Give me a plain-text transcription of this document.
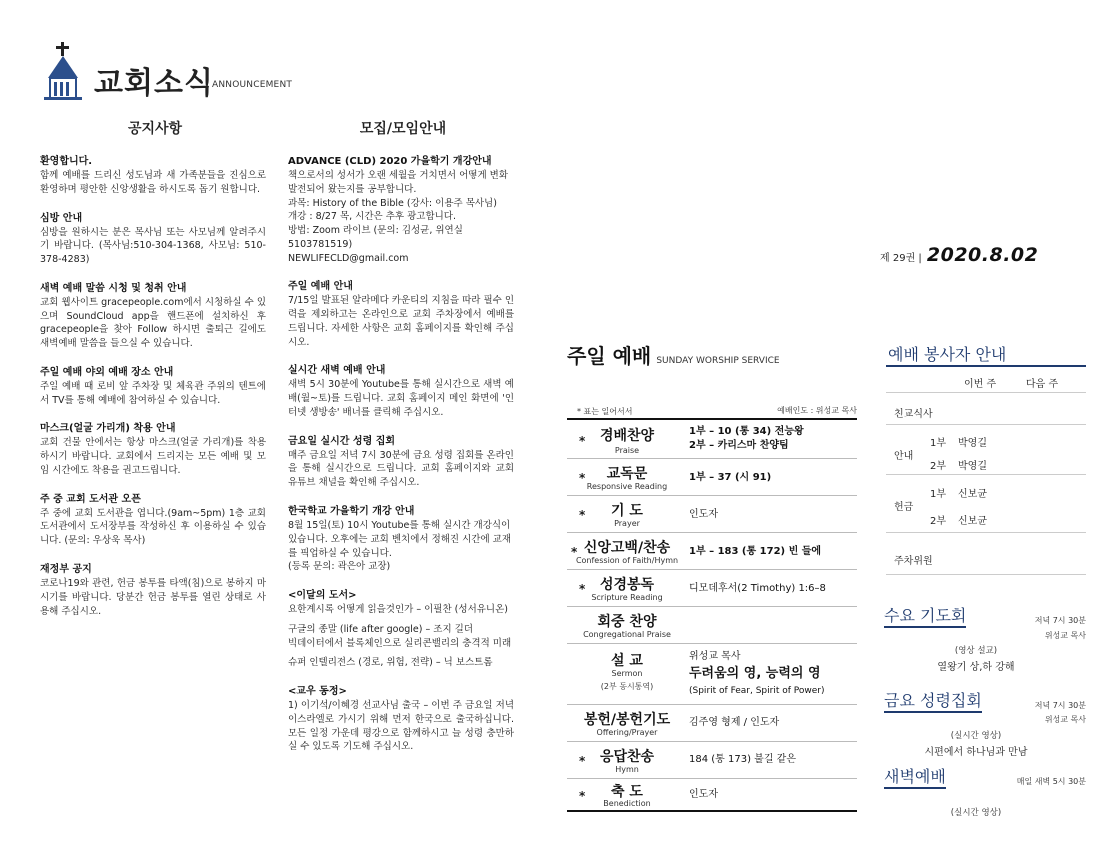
교회소식
ANNOUNCEMENT
공지사항

환영합니다.

함께 예배를 드리신 성도님과 새 가족분들을 진심으로 환영하며 평안한 신앙생활을 하시도록 돕기 원합니다.

심방 안내

심방을 원하시는 분은 목사님 또는 사모님께 알려주시기 바랍니다. (목사님:510-304-1368, 사모님: 510-378-4283)

새벽 예배 말씀 시청 및 청취 안내

교회 웹사이트 gracepeople.com에서 시청하실 수 있으며 SoundCloud app을 핸드폰에 설치하신 후 gracepeople을 찾아 Follow 하시면 출퇴근 길에도 새벽예배 말씀을 들으실 수 있습니다.

주일 예배 야외 예배 장소 안내

주일 예배 때 로비 앞 주차장 및 체육관 주위의 텐트에서 TV를 통해 예배에 참여하실 수 있습니다.

마스크(얼굴 가리개) 착용 안내

교회 건물 안에서는 항상 마스크(얼굴 가리개)를 착용하시기 바랍니다. 교회에서 드리지는 모든 예배 및 모임 시간에도 착용을 권고드립니다.

주 중 교회 도서관 오픈

주 중에 교회 도서관을 엽니다.(9am~5pm) 1층 교회 도서관에서 도서장부를 작성하신 후 이용하실 수 있습니다. (문의: 우상욱 목사)

재정부 공지

코로나19와 관련, 헌금 봉투를 타액(침)으로 봉하지 마시기를 바랍니다. 당분간 헌금 봉투를 열린 상태로 사용해 주십시오.

모집/모임안내

ADVANCE (CLD) 2020 가을학기 개강안내

책으로서의 성서가 오랜 세월을 거치면서 어떻게 변화 발전되어 왔는지를 공부합니다.
과목: History of the Bible (강사: 이용주 목사님)
개강 : 8/27 목, 시간은 추후 광고합니다.
방법: Zoom 라이브 (문의: 김성균, 위연실5103781519)
NEWLIFECLD@gmail.com

주일 예배 안내

7/15일 발표된 알라메다 카운티의 지침을 따라 필수 인력을 제외하고는 온라인으로 교회 주차장에서 예배를 드립니다. 자세한 사항은 교회 홈페이지를 확인해 주십시오.

실시간 새벽 예배 안내

새벽 5시 30분에 Youtube를 통해 실시간으로 새벽 예배(월~토)를 드립니다. 교회 홈페이지 메인 화면에 '인터넷 생방송' 배너를 클릭해 주십시오.

금요일 실시간 성령 집회

매주 금요일 저녁 7시 30분에 금요 성령 집회를 온라인을 통해 실시간으로 드립니다. 교회 홈페이지와 교회 유튜브 채널을 확인해 주십시오.

한국학교 가을학기 개강 안내

8월 15일(토) 10시 Youtube를 통해 실시간 개강식이 있습니다. 오후에는 교회 벤치에서 정해진 시간에 교재를 픽업하실 수 있습니다.
(등록 문의: 곽은아 교장)

<이달의 도서>

요한계시록 어떻게 읽을것인가 – 이필찬 (성서유니온)

구글의 종말 (life after google) – 조지 길더
빅데이터에서 블록체인으로 실리콘밸리의 충격적 미래

슈퍼 인텔리전스 (경로, 위험, 전략) – 닉 보스트롬

<교우 동정>

1) 이기석/이혜경 선교사님 출국 – 이번 주 금요일 저녁 이스라엘로 가시기 위해 먼저 한국으로 출국하십니다. 모든 일정 가운데 평강으로 함께하시고 늘 성령 충만하실 수 있도록 기도해 주십시오.

제 29권 | 2020.8.02
주일 예배 SUNDAY WORSHIP SERVICE
* 표는 일어서서	예배인도 : 위성교 목사
*	경배찬양
Praise
1부 – 10 (통 34) 전능왕
2부 – 카리스마 찬양팀
*	교독문
Responsive Reading
1부 – 37 (시 91)
*	기 도
Prayer
인도자
* 신앙고백/찬송
Confession of Faith/Hymn
1부 – 183 (통 172) 빈 들에
*	성경봉독
Scripture Reading
디모데후서(2 Timothy) 1:6–8
회중 찬양
Congregational Praise
설 교
Sermon
(2부 동시통역)
위성교 목사
두려움의 영, 능력의 영
(Spirit of Fear, Spirit of Power)
봉헌/봉헌기도
Offering/Prayer
김주영 형제 / 인도자
*	응답찬송
Hymn
184 (통 173) 불길 같은
*	축 도
Benediction
인도자
예배 봉사자 안내
이번 주	다음 주
친교식사
안내
1부 박영길
2부 박영길
헌금
1부 신보균
2부 신보균
주차위원
수요 기도회	저녁 7시 30분
위성교 목사
(영상 설교)
열왕기 상,하 강해
금요 성령집회	저녁 7시 30분
위성교 목사
(실시간 영상)
시편에서 하나님과 만남
새벽예배	매일 새벽 5시 30분
(실시간 영상)
